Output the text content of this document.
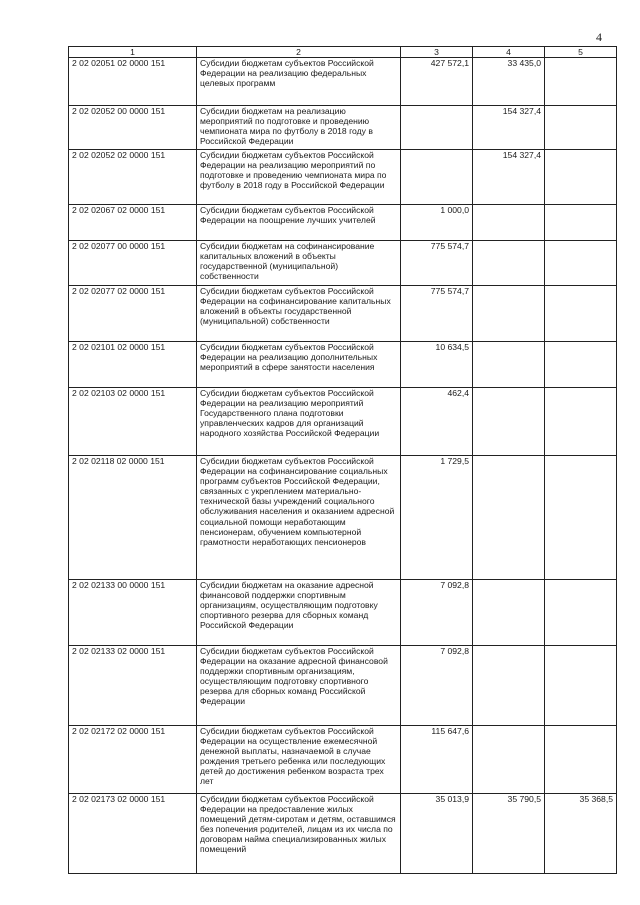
4
1	2	3	4	5
2 02 02051 02 0000 151	Субсидии бюджетам субъектов Российской Федерации на реализацию федеральных целевых программ	427 572,1	33 435,0	
2 02 02052 00 0000 151	Субсидии бюджетам на реализацию мероприятий по подготовке и проведению чемпионата мира по футболу в 2018 году в Российской Федерации		154 327,4	
2 02 02052 02 0000 151	Субсидии бюджетам субъектов Российской Федерации на реализацию мероприятий по подготовке и проведению чемпионата мира по футболу в 2018 году в Российской Федерации		154 327,4	
2 02 02067 02 0000 151	Субсидии бюджетам субъектов Российской Федерации на поощрение лучших учителей	1 000,0		
2 02 02077 00 0000 151	Субсидии бюджетам на софинансирование капитальных вложений в объекты государственной (муниципальной) собственности	775 574,7		
2 02 02077 02 0000 151	Субсидии бюджетам субъектов Российской Федерации на софинансирование капитальных вложений в объекты государственной (муниципальной) собственности	775 574,7		
2 02 02101 02 0000 151	Субсидии бюджетам субъектов Российской Федерации на реализацию дополнительных мероприятий в сфере занятости населения	10 634,5		
2 02 02103 02 0000 151	Субсидии бюджетам субъектов Российской Федерации на реализацию мероприятий Государственного плана подготовки управленческих кадров для организаций народного хозяйства Российской Федерации	462,4		
2 02 02118 02 0000 151	Субсидии бюджетам субъектов Российской Федерации на софинансирование социальных программ субъектов Российской Федерации, связанных с укреплением материально-технической базы учреждений социального обслуживания населения и оказанием адресной социальной помощи неработающим пенсионерам, обучением компьютерной грамотности неработающих пенсионеров	1 729,5		
2 02 02133 00 0000 151	Субсидии бюджетам на оказание адресной финансовой поддержки спортивным организациям, осуществляющим подготовку спортивного резерва для сборных команд Российской Федерации	7 092,8		
2 02 02133 02 0000 151	Субсидии бюджетам субъектов Российской Федерации на оказание адресной финансовой поддержки спортивным организациям, осуществляющим подготовку спортивного резерва для сборных команд Российской Федерации	7 092,8		
2 02 02172 02 0000 151	Субсидии бюджетам субъектов Российской Федерации на осуществление ежемесячной денежной выплаты, назначаемой в случае рождения третьего ребенка или последующих детей до достижения ребенком возраста трех лет	115 647,6		
2 02 02173 02 0000 151	Субсидии бюджетам субъектов Российской Федерации на предоставление жилых помещений детям-сиротам и детям, оставшимся без попечения родителей, лицам из их числа по договорам найма специализированных жилых помещений	35 013,9	35 790,5	35 368,5
